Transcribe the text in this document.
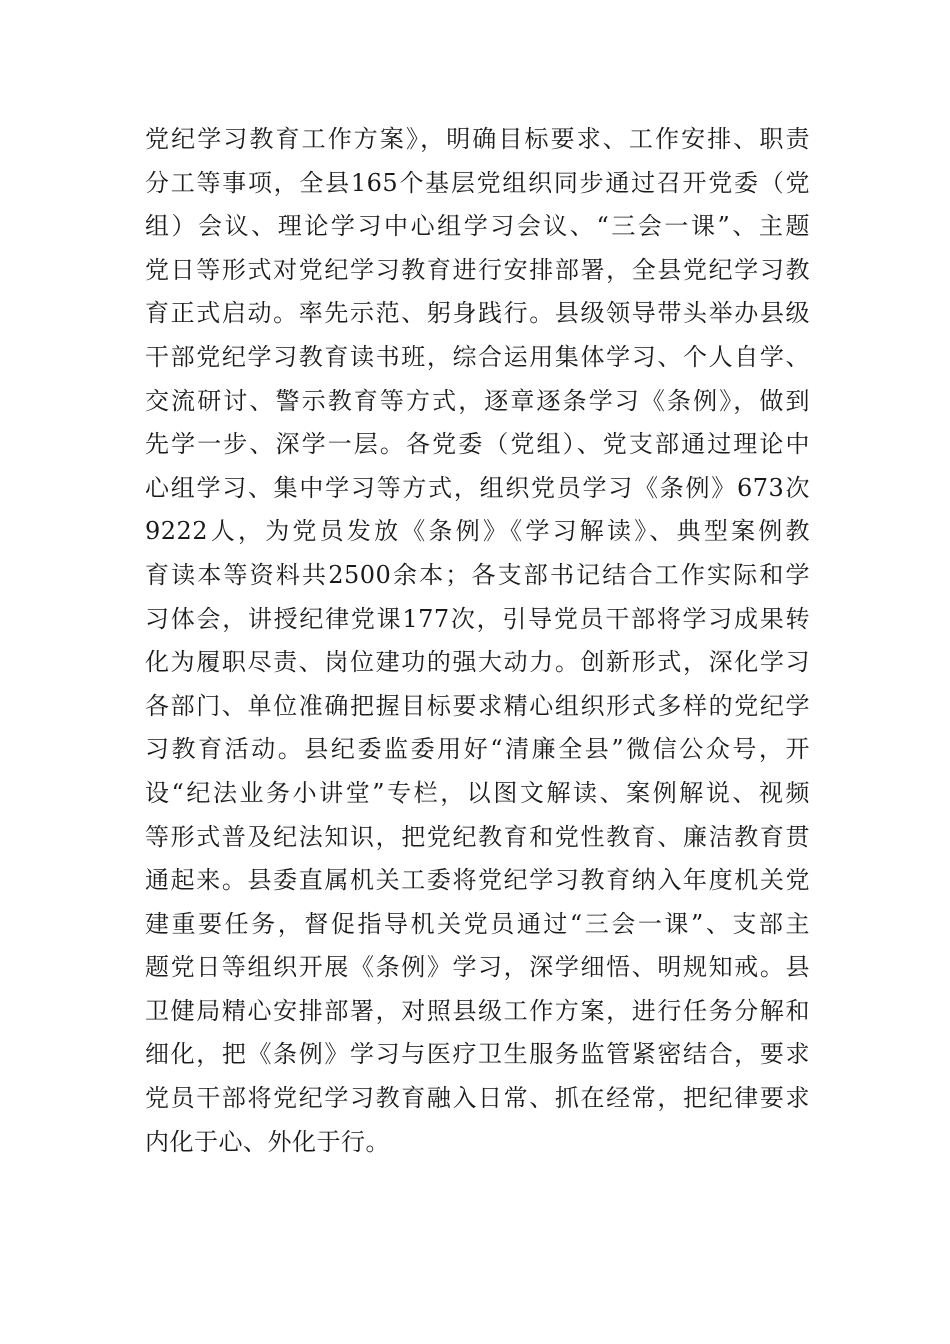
党纪学习教育工作方案》，明确目标要求、工作安排、职责
分工等事项，全县165个基层党组织同步通过召开党委（党
组）会议、理论学习中心组学习会议、“三会一课”、主题
党日等形式对党纪学习教育进行安排部署，全县党纪学习教
育正式启动。率先示范、躬身践行。县级领导带头举办县级
干部党纪学习教育读书班，综合运用集体学习、个人自学、
交流研讨、警示教育等方式，逐章逐条学习《条例》，做到
先学一步、深学一层。各党委（党组）、党支部通过理论中
心组学习、集中学习等方式，组织党员学习《条例》673次
9222人，为党员发放《条例》《学习解读》、典型案例教
育读本等资料共2500余本；各支部书记结合工作实际和学
习体会，讲授纪律党课177次，引导党员干部将学习成果转
化为履职尽责、岗位建功的强大动力。创新形式，深化学习
各部门、单位准确把握目标要求精心组织形式多样的党纪学
习教育活动。县纪委监委用好“清廉全县”微信公众号，开
设“纪法业务小讲堂”专栏，以图文解读、案例解说、视频
等形式普及纪法知识，把党纪教育和党性教育、廉洁教育贯
通起来。县委直属机关工委将党纪学习教育纳入年度机关党
建重要任务，督促指导机关党员通过“三会一课”、支部主
题党日等组织开展《条例》学习，深学细悟、明规知戒。县
卫健局精心安排部署，对照县级工作方案，进行任务分解和
细化，把《条例》学习与医疗卫生服务监管紧密结合，要求
党员干部将党纪学习教育融入日常、抓在经常，把纪律要求
内化于心、外化于行。
